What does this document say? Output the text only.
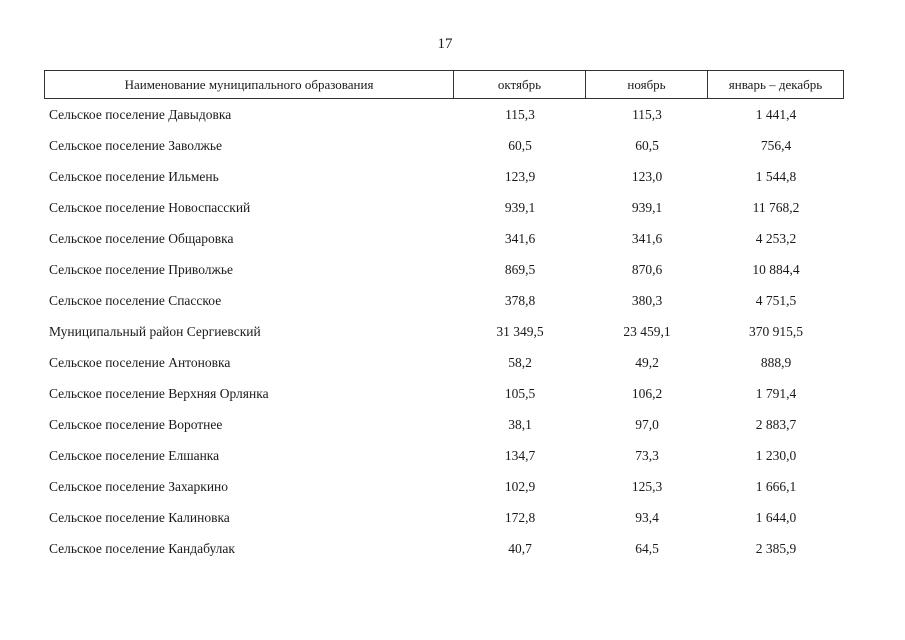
17
Наименование муниципального образования	октябрь	ноябрь	январь – декабрь
Сельское поселение Давыдовка	115,3	115,3	1 441,4
Сельское поселение Заволжье	60,5	60,5	756,4
Сельское поселение Ильмень	123,9	123,0	1 544,8
Сельское поселение Новоспасский	939,1	939,1	11 768,2
Сельское поселение Общаровка	341,6	341,6	4 253,2
Сельское поселение Приволжье	869,5	870,6	10 884,4
Сельское поселение Спасское	378,8	380,3	4 751,5
Муниципальный район Сергиевский	31 349,5	23 459,1	370 915,5
Сельское поселение Антоновка	58,2	49,2	888,9
Сельское поселение Верхняя Орлянка	105,5	106,2	1 791,4
Сельское поселение Воротнее	38,1	97,0	2 883,7
Сельское поселение Елшанка	134,7	73,3	1 230,0
Сельское поселение Захаркино	102,9	125,3	1 666,1
Сельское поселение Калиновка	172,8	93,4	1 644,0
Сельское поселение Кандабулак	40,7	64,5	2 385,9
